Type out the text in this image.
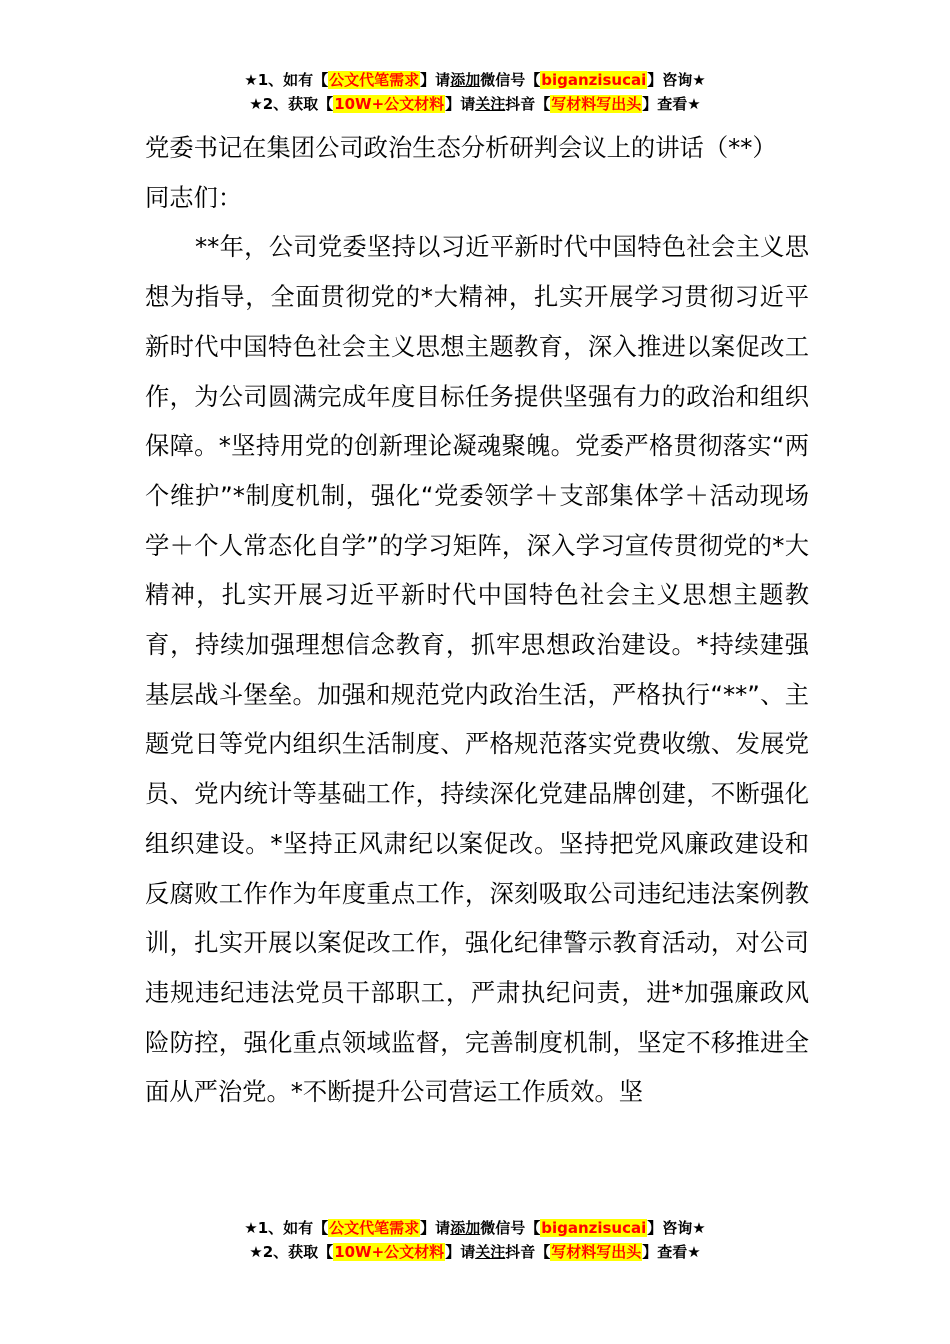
★1、如有【公文代笔需求】请添加微信号【biganzisucai】咨询★
★2、获取【10W+公文材料】请关注抖音【写材料写出头】查看★

党委书记在集团公司政治生态分析研判会议上的讲话（**）

同志们：

**年，公司党委坚持以习近平新时代中国特色社会主义思想为指导，全面贯彻党的*大精神，扎实开展学习贯彻习近平新时代中国特色社会主义思想主题教育，深入推进以案促改工作，为公司圆满完成年度目标任务提供坚强有力的政治和组织保障。*坚持用党的创新理论凝魂聚魄。党委严格贯彻落实“两个维护”*制度机制，强化“党委领学＋支部集体学＋活动现场学＋个人常态化自学”的学习矩阵，深入学习宣传贯彻党的*大精神，扎实开展习近平新时代中国特色社会主义思想主题教育，持续加强理想信念教育，抓牢思想政治建设。*持续建强基层战斗堡垒。加强和规范党内政治生活，严格执行“**”、主题党日等党内组织生活制度、严格规范落实党费收缴、发展党员、党内统计等基础工作，持续深化党建品牌创建，不断强化组织建设。*坚持正风肃纪以案促改。坚持把党风廉政建设和反腐败工作作为年度重点工作，深刻吸取公司违纪违法案例教训，扎实开展以案促改工作，强化纪律警示教育活动，对公司违规违纪违法党员干部职工，严肃执纪问责，进*加强廉政风险防控，强化重点领域监督，完善制度机制，坚定不移推进全面从严治党。*不断提升公司营运工作质效。坚

★1、如有【公文代笔需求】请添加微信号【biganzisucai】咨询★
★2、获取【10W+公文材料】请关注抖音【写材料写出头】查看★
